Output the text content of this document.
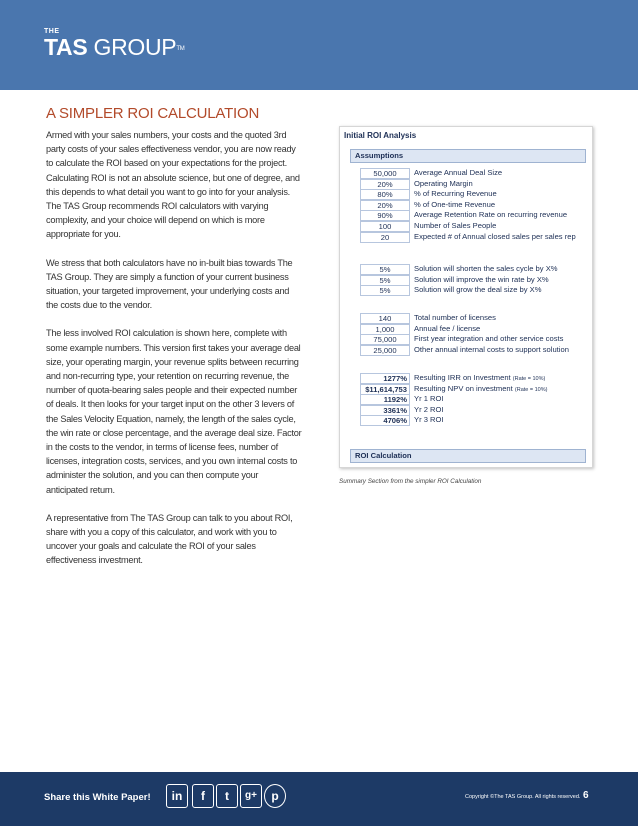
THE
TAS GROUP™
A SIMPLER ROI CALCULATION

Armed with your sales numbers, your costs and the quoted 3rd party costs of your sales effectiveness vendor, you are now ready to calculate the ROI based on your expectations for the project. Calculating ROI is not an absolute science, but one of degree, and this depends to what detail you want to go into for your analysis. The TAS Group recommends ROI calculators with varying complexity, and your choice will depend on which is more appropriate for you.

We stress that both calculators have no in-built bias towards The TAS Group. They are simply a function of your current business situation, your targeted improvement, your underlying costs and the costs due to the vendor.

The less involved ROI calculation is shown here, complete with some example numbers. This version first takes your average deal size, your operating margin, your revenue splits between recurring and non-recurring type, your retention on recurring revenue, the number of quota-bearing sales people and their expected number of deals. It then looks for your target input on the other 3 levers of the Sales Velocity Equation, namely, the length of the sales cycle, the win rate or close percentage, and the average deal size. Factor in the costs to the vendor, in terms of license fees, number of licenses, integration costs, services, and you own internal costs to administer the solution, and you can then compute your anticipated return.

A representative from The TAS Group can talk to you about ROI, share with you a copy of this calculator, and work with you to uncover your goals and calculate the ROI of your sales effectiveness investment.

Initial ROI Analysis
Assumptions
50,000	Average Annual Deal Size
20%	Operating Margin
80%	% of Recurring Revenue
20%	% of One-time Revenue
90%	Average Retention Rate on recurring revenue
100	Number of Sales People
20	Expected # of Annual closed sales per sales rep
5%	Solution will shorten the sales cycle by X%
5%	Solution will improve the win rate by X%
5%	Solution will grow the deal size by X%
140	Total number of licenses
1,000	Annual fee / license
75,000	First year integration and other service costs
25,000	Other annual internal costs to support solution
1277% Resulting IRR on Investment (Rate = 10%)
$11,614,753 Resulting NPV on investment (Rate = 10%)
1192% Yr 1 ROI
3361% Yr 2 ROI
4706% Yr 3 ROI
ROI Calculation
Summary Section from the simpler ROI Calculation
Share this White Paper!	in	f	t	g+	p	Copyright ©The TAS Group. All rights reserved. 6
